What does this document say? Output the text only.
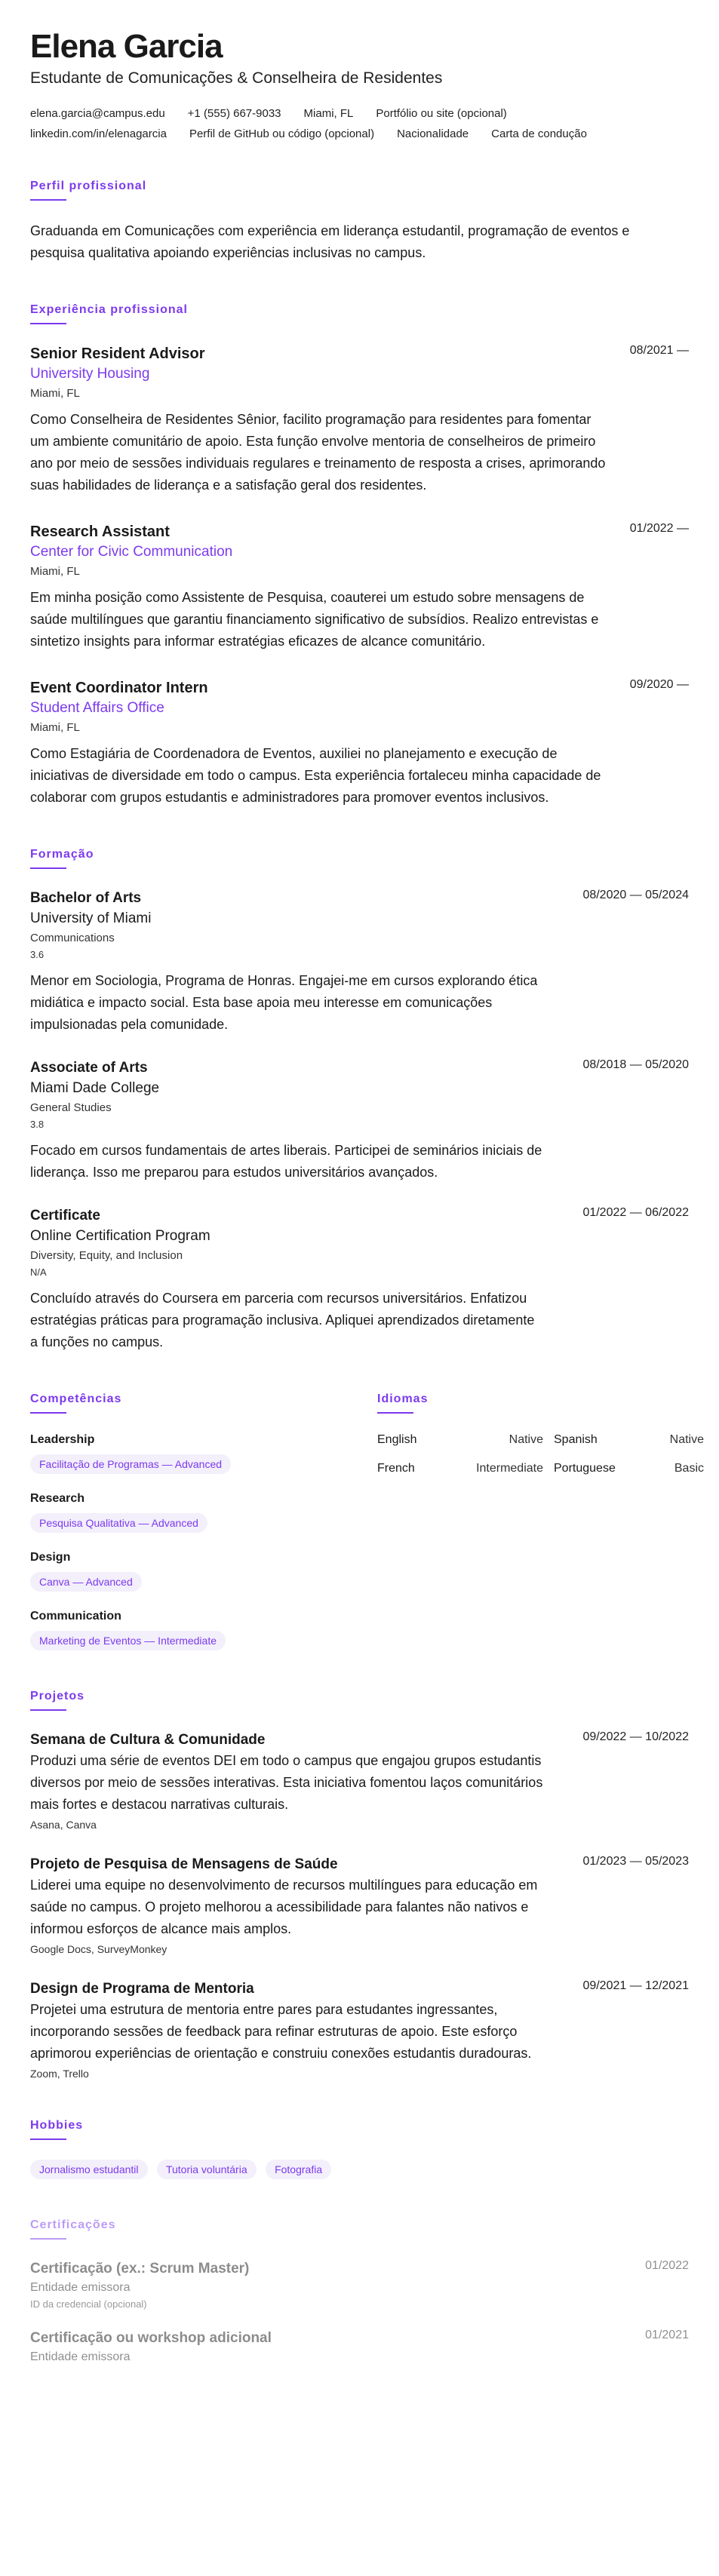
Elena Garcia
Estudante de Comunicações & Conselheira de Residentes
elena.garcia@campus.edu +1 (555) 667-9033 Miami, FL Portfólio ou site (opcional)
linkedin.com/in/elenagarcia Perfil de GitHub ou código (opcional) Nacionalidade Carta de condução
Perfil profissional

Graduanda em Comunicações com experiência em liderança estudantil, programação de eventos e pesquisa qualitativa apoiando experiências inclusivas no campus.

Experiência profissional
Senior Resident Advisor	08/2021 —
University Housing
Miami, FL

Como Conselheira de Residentes Sênior, facilito programação para residentes para fomentar um ambiente comunitário de apoio. Esta função envolve mentoria de conselheiros de primeiro ano por meio de sessões individuais regulares e treinamento de resposta a crises, aprimorando suas habilidades de liderança e a satisfação geral dos residentes.

Research Assistant	01/2022 —
Center for Civic Communication
Miami, FL

Em minha posição como Assistente de Pesquisa, coauterei um estudo sobre mensagens de saúde multilíngues que garantiu financiamento significativo de subsídios. Realizo entrevistas e sintetizo insights para informar estratégias eficazes de alcance comunitário.

Event Coordinator Intern	09/2020 —
Student Affairs Office
Miami, FL

Como Estagiária de Coordenadora de Eventos, auxiliei no planejamento e execução de iniciativas de diversidade em todo o campus. Esta experiência fortaleceu minha capacidade de colaborar com grupos estudantis e administradores para promover eventos inclusivos.

Formação
Bachelor of Arts	08/2020 — 05/2024
University of Miami
Communications
3.6

Menor em Sociologia, Programa de Honras. Engajei-me em cursos explorando ética midiática e impacto social. Esta base apoia meu interesse em comunicações impulsionadas pela comunidade.

Associate of Arts	08/2018 — 05/2020
Miami Dade College
General Studies
3.8

Focado em cursos fundamentais de artes liberais. Participei de seminários iniciais de liderança. Isso me preparou para estudos universitários avançados.

Certificate	01/2022 — 06/2022
Online Certification Program
Diversity, Equity, and Inclusion
N/A

Concluído através do Coursera em parceria com recursos universitários. Enfatizou estratégias práticas para programação inclusiva. Apliquei aprendizados diretamente a funções no campus.

Competências
Leadership
Facilitação de Programas — Advanced
Research
Pesquisa Qualitativa — Advanced
Design
Canva — Advanced
Communication
Marketing de Eventos — Intermediate
Idiomas
English	Native Spanish	Native
French	Intermediate Portuguese	Basic
Projetos
Semana de Cultura & Comunidade	09/2022 — 10/2022

Produzi uma série de eventos DEI em todo o campus que engajou grupos estudantis diversos por meio de sessões interativas. Esta iniciativa fomentou laços comunitários mais fortes e destacou narrativas culturais.

Asana, Canva
Projeto de Pesquisa de Mensagens de Saúde	01/2023 — 05/2023

Liderei uma equipe no desenvolvimento de recursos multilíngues para educação em saúde no campus. O projeto melhorou a acessibilidade para falantes não nativos e informou esforços de alcance mais amplos.

Google Docs, SurveyMonkey
Design de Programa de Mentoria	09/2021 — 12/2021

Projetei uma estrutura de mentoria entre pares para estudantes ingressantes, incorporando sessões de feedback para refinar estruturas de apoio. Este esforço aprimorou experiências de orientação e construiu conexões estudantis duradouras.

Zoom, Trello
Hobbies
Jornalismo estudantil	Tutoria voluntária	Fotografia
Certificações
Certificação (ex.: Scrum Master)	01/2022
Entidade emissora
ID da credencial (opcional)
Certificação ou workshop adicional	01/2021
Entidade emissora
